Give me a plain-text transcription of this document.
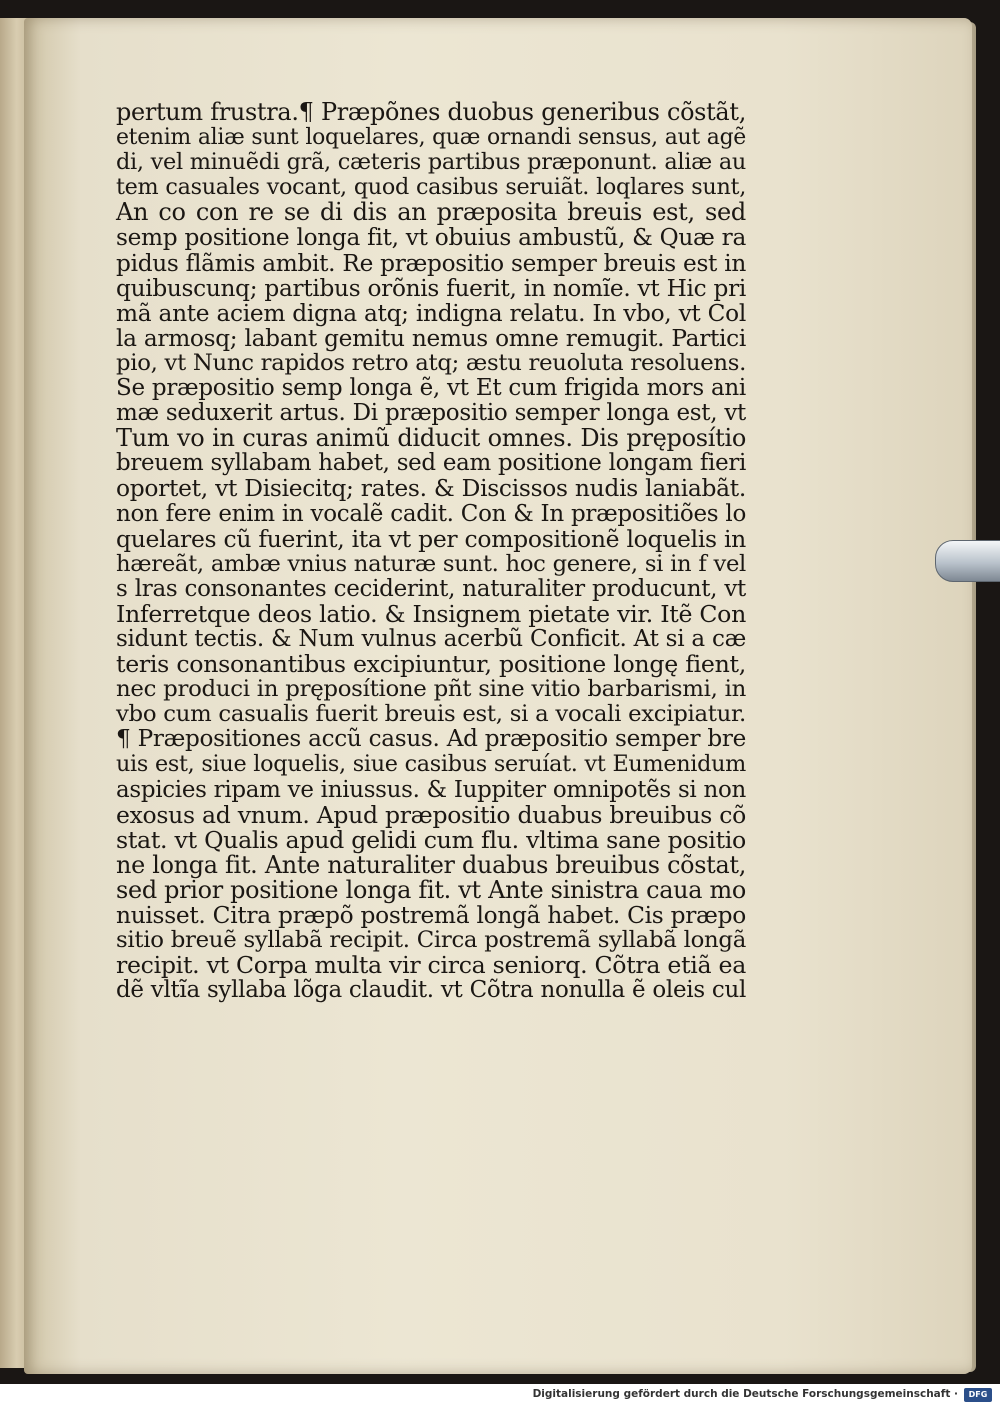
pertum frustra.¶ Præpõnes duobus generibus cõstãt,
etenim aliæ sunt loquelares, quæ ornandi sensus, aut agẽ
di, vel minuẽdi grã, cæteris partibus præponunt. aliæ au
tem casuales vocant, quod casibus seruiãt. loqlares sunt,
An co con re se di dis an præposita breuis est, sed
semp positione longa fit, vt obuius ambustũ, & Quæ ra
pidus flãmis ambit. Re præpositio semper breuis est in
quibuscunq; partibus orõnis fuerit, in nomĩe. vt Hic pri
mã ante aciem digna atq; indigna relatu. In vbo, vt Col
la armosq; labant gemitu nemus omne remugit. Partici
pio, vt Nunc rapidos retro atq; æstu reuoluta resoluens.
Se præpositio semp longa ẽ, vt Et cum frigida mors ani
mæ seduxerit artus. Di præpositio semper longa est, vt
Tum vo in curas animũ diducit omnes. Dis pręposítio
breuem syllabam habet, sed eam positione longam fieri
oportet, vt Disiecitq; rates. & Discissos nudis laniabãt.
non fere enim in vocalẽ cadit. Con & In præpositiões lo
quelares cũ fuerint, ita vt per compositionẽ loquelis in
hæreãt, ambæ vnius naturæ sunt. hoc genere, si in f vel
s lras consonantes ceciderint, naturaliter producunt, vt
Inferretque deos latio. & Insignem pietate vir. Itẽ Con
sidunt tectis. & Num vulnus acerbũ Conficit. At si a cæ
teris consonantibus excipiuntur, positione longę fient,
nec produci in pręposítione pñt sine vitio barbarismi, in
vbo cum casualis fuerit breuis est, si a vocali excipiatur.
¶ Præpositiones accũ casus. Ad præpositio semper bre
uis est, siue loquelis, siue casibus seruíat. vt Eumenidum
aspicies ripam ve iniussus. & Iuppiter omnipotẽs si non
exosus ad vnum. Apud præpositio duabus breuibus cõ
stat. vt Qualis apud gelidi cum flu. vltima sane positio
ne longa fit. Ante naturaliter duabus breuibus cõstat,
sed prior positione longa fit. vt Ante sinistra caua mo
nuisset. Citra præpõ postremã longã habet. Cis præpo
sitio breuẽ syllabã recipit. Circa postremã syllabã longã
recipit. vt Corpa multa vir circa seniorq. Cõtra etiã ea
dẽ vltĩa syllaba lõga claudit. vt Cõtra nonulla ẽ oleis cul
Digitalisierung gefördert durch die Deutsche Forschungsgemeinschaft ·	DFG
